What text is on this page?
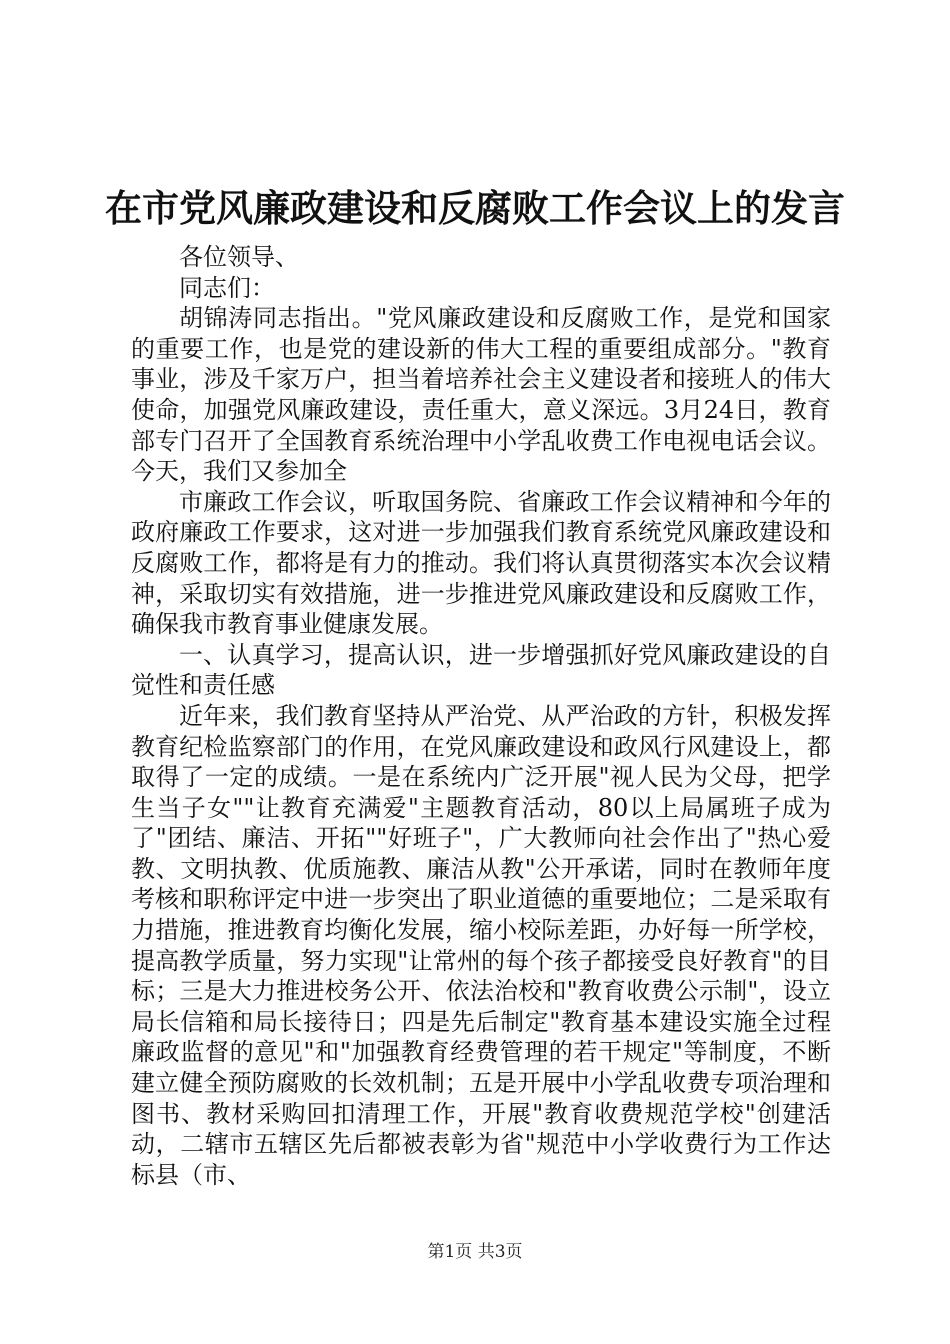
在市党风廉政建设和反腐败工作会议上的发言

各位领导、

同志们：

胡锦涛同志指出。"党风廉政建设和反腐败工作，是党和国家的重要工作，也是党的建设新的伟大工程的重要组成部分。"教育事业，涉及千家万户，担当着培养社会主义建设者和接班人的伟大使命，加强党风廉政建设，责任重大，意义深远。3月24日，教育部专门召开了全国教育系统治理中小学乱收费工作电视电话会议。今天，我们又参加全

市廉政工作会议，听取国务院、省廉政工作会议精神和今年的政府廉政工作要求，这对进一步加强我们教育系统党风廉政建设和反腐败工作，都将是有力的推动。我们将认真贯彻落实本次会议精神，采取切实有效措施，进一步推进党风廉政建设和反腐败工作，确保我市教育事业健康发展。

一、认真学习，提高认识，进一步增强抓好党风廉政建设的自觉性和责任感

近年来，我们教育坚持从严治党、从严治政的方针，积极发挥教育纪检监察部门的作用，在党风廉政建设和政风行风建设上，都取得了一定的成绩。一是在系统内广泛开展"视人民为父母，把学生当子女""让教育充满爱"主题教育活动，80以上局属班子成为了"团结、廉洁、开拓""好班子"，广大教师向社会作出了"热心爱教、文明执教、优质施教、廉洁从教"公开承诺，同时在教师年度考核和职称评定中进一步突出了职业道德的重要地位；二是采取有力措施，推进教育均衡化发展，缩小校际差距，办好每一所学校，提高教学质量，努力实现"让常州的每个孩子都接受良好教育"的目标；三是大力推进校务公开、依法治校和"教育收费公示制"，设立局长信箱和局长接待日；四是先后制定"教育基本建设实施全过程廉政监督的意见"和"加强教育经费管理的若干规定"等制度，不断建立健全预防腐败的长效机制；五是开展中小学乱收费专项治理和图书、教材采购回扣清理工作，开展"教育收费规范学校"创建活动，二辖市五辖区先后都被表彰为省"规范中小学收费行为工作达标县（市、

第1页 共3页
